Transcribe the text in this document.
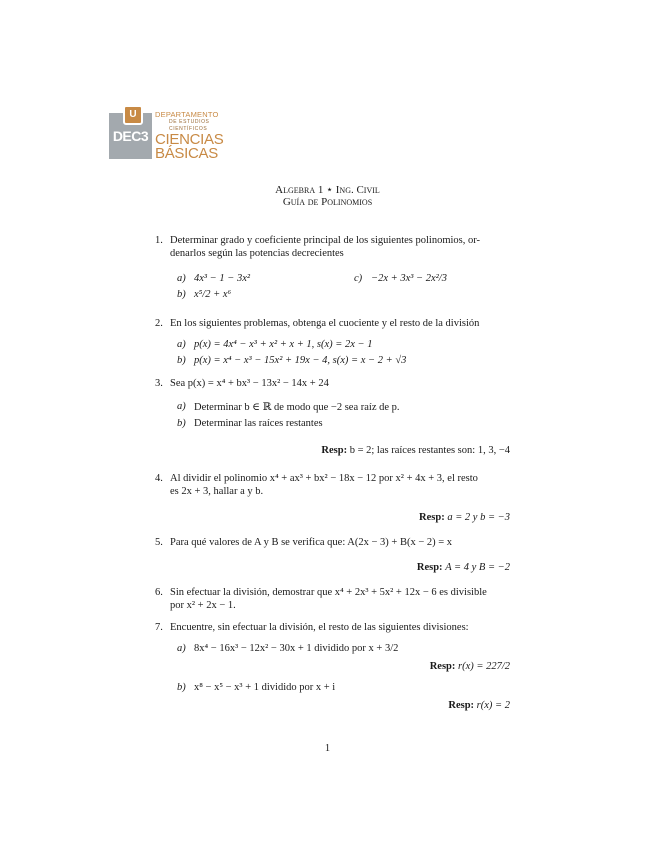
DEC3
U	DEPARTAMENTO
DE ESTUDIOS CIENTÍFICOS
CIENCIAS
BÁSICAS
Algebra 1 ⋆ Ing. Civil
Guía de Polinomios
1. Determinar grado y coeficiente principal de los siguientes polinomios, or-
denarlos según las potencias decrecientes
a) 4x³ − 1 − 3x²	c) −2x + 3x³ − 2x²/3
b) x⁵/2 + x⁶
2. En los siguientes problemas, obtenga el cuociente y el resto de la división
a) p(x) = 4x⁴ − x³ + x² + x + 1, s(x) = 2x − 1
b) p(x) = x⁴ − x³ − 15x² + 19x − 4, s(x) = x − 2 + √3
3. Sea p(x) = x⁴ + bx³ − 13x² − 14x + 24
a) Determinar b ∈ ℝ de modo que −2 sea raíz de p.
b) Determinar las raíces restantes
Resp: b = 2; las raíces restantes son: 1, 3, −4
4. Al dividir el polinomio x⁴ + ax³ + bx² − 18x − 12 por x² + 4x + 3, el resto
es 2x + 3, hallar a y b.
Resp: a = 2 y b = −3
5. Para qué valores de A y B se verifica que: A(2x − 3) + B(x − 2) = x
Resp: A = 4 y B = −2
6. Sin efectuar la división, demostrar que x⁴ + 2x³ + 5x² + 12x − 6 es divisible
por x² + 2x − 1.
7. Encuentre, sin efectuar la división, el resto de las siguientes divisiones:
a) 8x⁴ − 16x³ − 12x² − 30x + 1 dividido por x + 3/2
Resp: r(x) = 227/2
b) x⁸ − x⁵ − x³ + 1 dividido por x + i
Resp: r(x) = 2
1
